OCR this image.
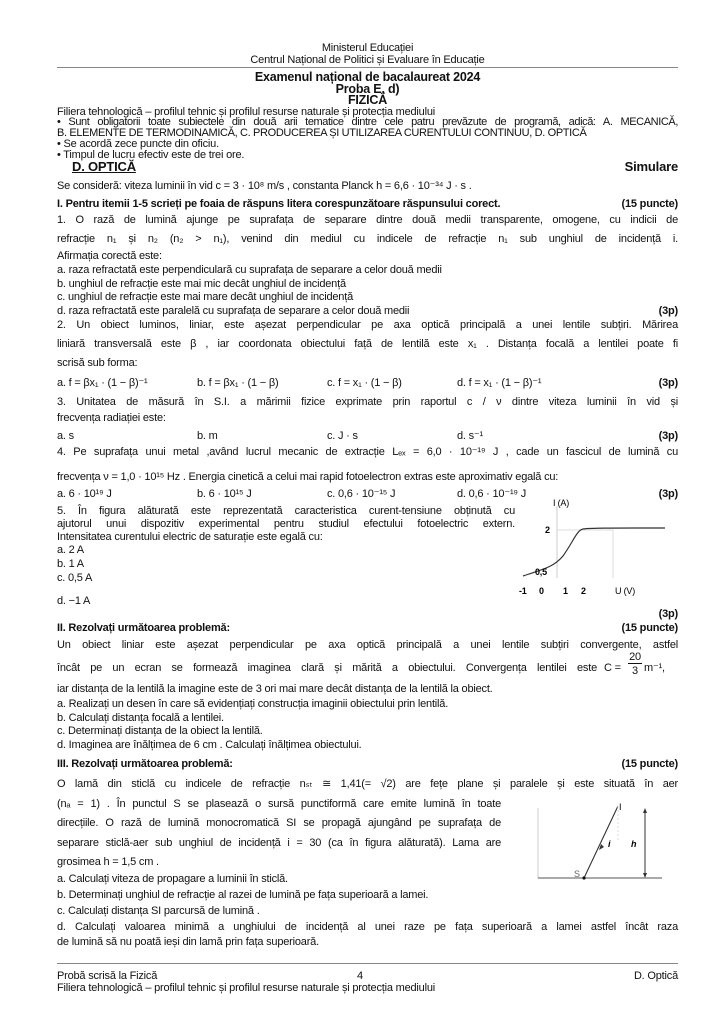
Ministerul Educației
Centrul Național de Politici și Evaluare în Educație
Examenul național de bacalaureat 2024
Proba E. d)
FIZICĂ
Filiera tehnologică – profilul tehnic și profilul resurse naturale și protecția mediului
• Sunt obligatorii toate subiectele din două arii tematice dintre cele patru prevăzute de programă, adică: A. MECANICĂ,
B. ELEMENTE DE TERMODINAMICĂ, C. PRODUCEREA ȘI UTILIZAREA CURENTULUI CONTINUU, D. OPTICĂ
• Se acordă zece puncte din oficiu.
• Timpul de lucru efectiv este de trei ore.
D. OPTICĂ	Simulare
Se consideră: viteza luminii în vid c = 3 · 10⁸ m/s , constanta Planck h = 6,6 · 10⁻³⁴ J · s .
I. Pentru itemii 1-5 scrieți pe foaia de răspuns litera corespunzătoare răspunsului corect.	(15 puncte)
1. O rază de lumină ajunge pe suprafața de separare dintre două medii transparente, omogene, cu indicii de
refracție n₁ și n₂ (n₂ > n₁), venind din mediul cu indicele de refracție n₁ sub unghiul de incidență i.
Afirmația corectă este:
a. raza refractată este perpendiculară cu suprafața de separare a celor două medii
b. unghiul de refracție este mai mic decât unghiul de incidență
c. unghiul de refracție este mai mare decât unghiul de incidență
d. raza refractată este paralelă cu suprafața de separare a celor două medii	(3p)
2. Un obiect luminos, liniar, este așezat perpendicular pe axa optică principală a unei lentile subțiri. Mărirea
liniară transversală este β , iar coordonata obiectului față de lentilă este x₁ . Distanța focală a lentilei poate fi
scrisă sub forma:
a. f = βx₁ · (1 − β)⁻¹	b. f = βx₁ · (1 − β)	c. f = x₁ · (1 − β)	d. f = x₁ · (1 − β)⁻¹	(3p)
3. Unitatea de măsură în S.I. a mărimii fizice exprimate prin raportul c / ν dintre viteza luminii în vid și
frecvența radiației este:
a. s	b. m	c. J · s	d. s⁻¹	(3p)
4. Pe suprafața unui metal ,având lucrul mecanic de extracție Lₑₓ = 6,0 · 10⁻¹⁹ J , cade un fascicul de lumină cu
frecvența ν = 1,0 · 10¹⁵ Hz . Energia cinetică a celui mai rapid fotoelectron extras este aproximativ egală cu:
a. 6 · 10¹⁹ J	b. 6 · 10¹⁵ J	c. 0,6 · 10⁻¹⁵ J	d. 0,6 · 10⁻¹⁹ J	(3p)
5. În figura alăturată este reprezentată caracteristica curent-tensiune obținută cu
ajutorul unui dispozitiv experimental pentru studiul efectului fotoelectric extern.
Intensitatea curentului electric de saturație este egală cu:
a. 2 A
b. 1 A
c. 0,5 A
d. −1 A
(3p)
I (A)
2
0,5
-1 0 1 2	U (V)
II. Rezolvați următoarea problemă:	(15 puncte)
Un obiect liniar este așezat perpendicular pe axa optică principală a unei lentile subțiri convergente, astfel
încât pe un ecran se formează imaginea clară și mărită a obiectului. Convergența lentilei este C =
20
3 m⁻¹,
iar distanța de la lentilă la imagine este de 3 ori mai mare decât distanța de la lentilă la obiect.
a. Realizați un desen în care să evidențiați construcția imaginii obiectului prin lentilă.
b. Calculați distanța focală a lentilei.
c. Determinați distanța de la obiect la lentilă.
d. Imaginea are înălțimea de 6 cm . Calculați înălțimea obiectului.
III. Rezolvați următoarea problemă:	(15 puncte)
O lamă din sticlă cu indicele de refracție nₛₜ ≅ 1,41(= √2) are fețe plane și paralele și este situată în aer
(nₐ = 1) . În punctul S se plasează o sursă punctiformă care emite lumină în toate
direcțiile. O rază de lumină monocromatică SI se propagă ajungând pe suprafața de
separare sticlă-aer sub unghiul de incidență i = 30 (ca în figura alăturată). Lama are
grosimea h = 1,5 cm .
a. Calculați viteza de propagare a luminii în sticlă.
b. Determinați unghiul de refracție al razei de lumină pe fața superioară a lamei.
c. Calculați distanța SI parcursă de lumină .
d. Calculați valoarea minimă a unghiului de incidență al unei raze pe fața superioară a lamei astfel încât raza
de lumină să nu poată ieși din lamă prin fața superioară.
I
S
i h
Probă scrisă la Fizică	4	D. Optică
Filiera tehnologică – profilul tehnic și profilul resurse naturale și protecția mediului
